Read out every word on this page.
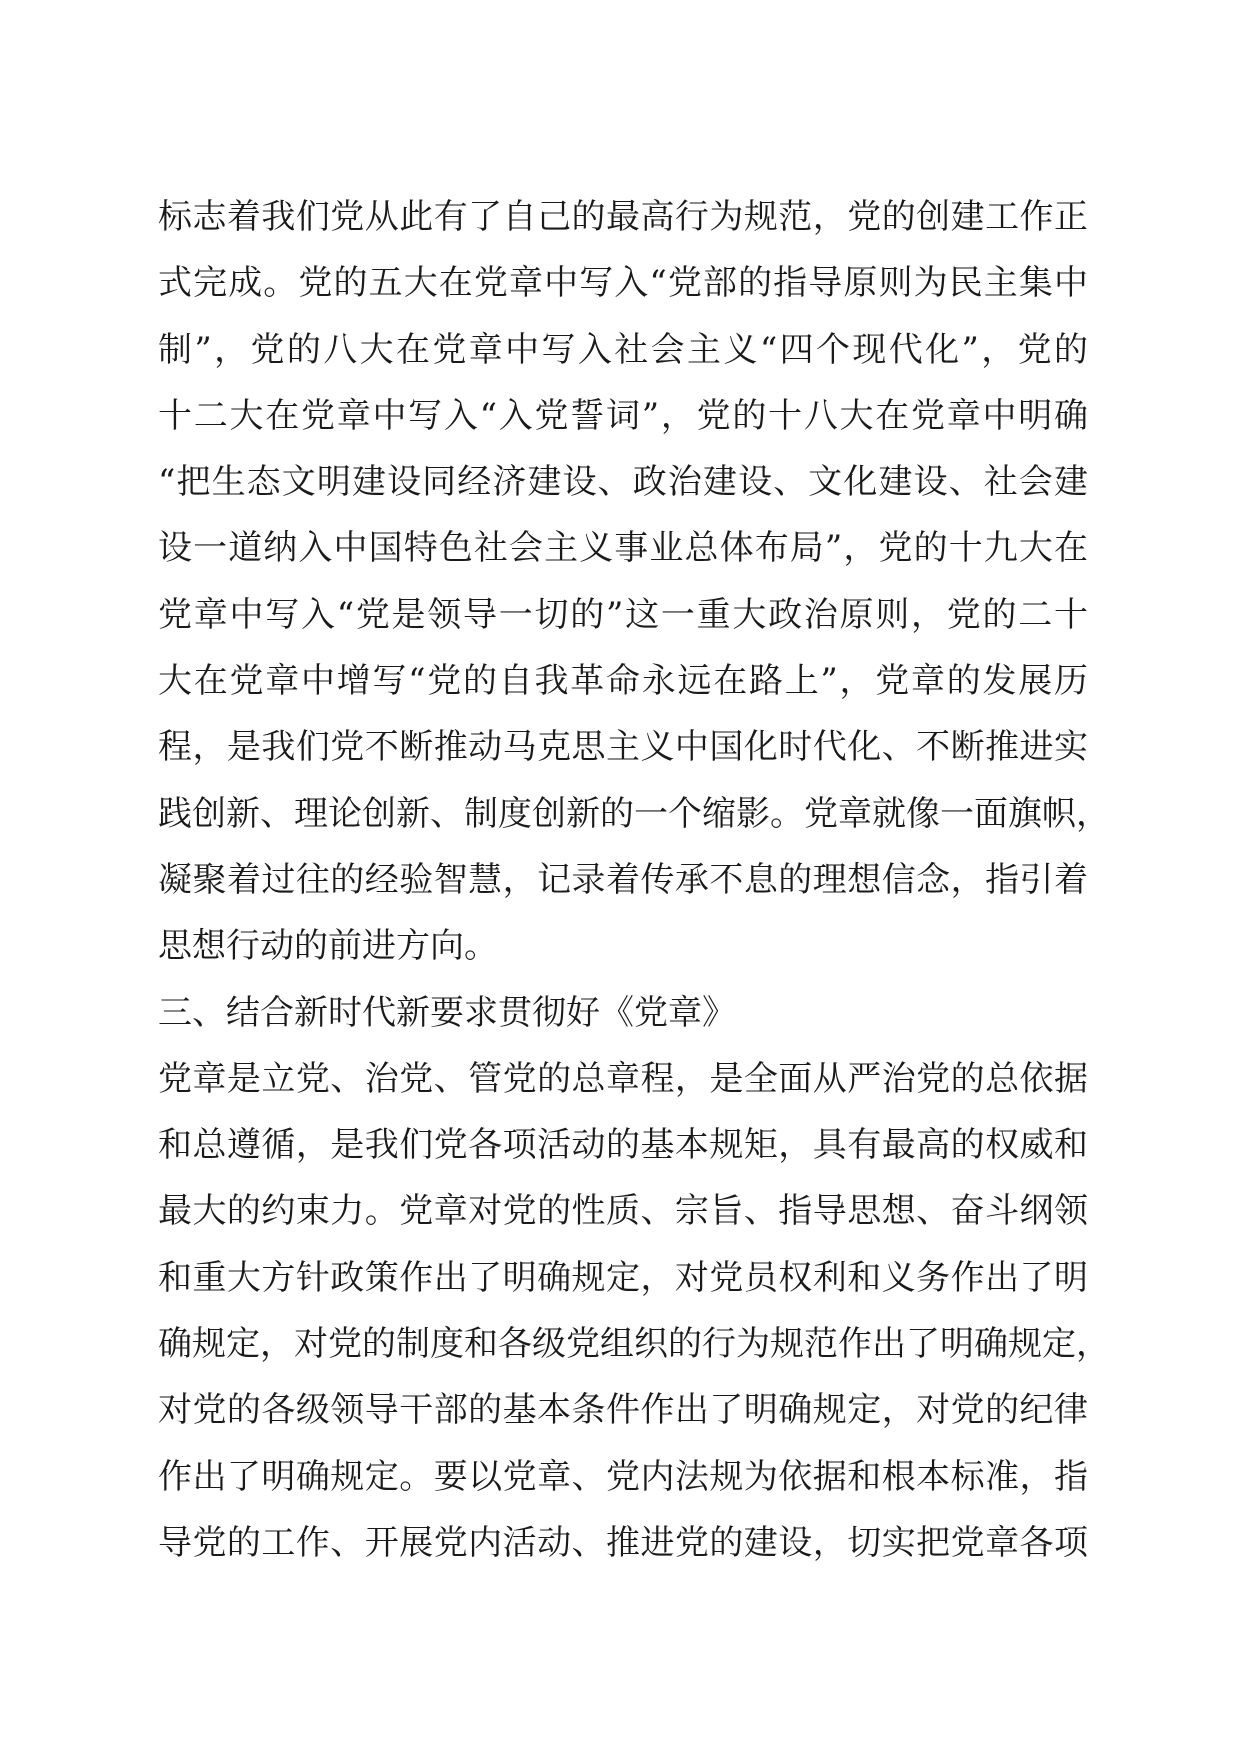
标志着我们党从此有了自己的最高行为规范，党的创建工作正
式完成。党的五大在党章中写入“党部的指导原则为民主集中
制”，党的八大在党章中写入社会主义“四个现代化”，党的
十二大在党章中写入“入党誓词”，党的十八大在党章中明确
“把生态文明建设同经济建设、政治建设、文化建设、社会建
设一道纳入中国特色社会主义事业总体布局”，党的十九大在
党章中写入“党是领导一切的”这一重大政治原则，党的二十
大在党章中增写“党的自我革命永远在路上”，党章的发展历
程，是我们党不断推动马克思主义中国化时代化、不断推进实
践创新、理论创新、制度创新的一个缩影。党章就像一面旗帜，
凝聚着过往的经验智慧，记录着传承不息的理想信念，指引着
思想行动的前进方向。
三、结合新时代新要求贯彻好《党章》
党章是立党、治党、管党的总章程，是全面从严治党的总依据
和总遵循，是我们党各项活动的基本规矩，具有最高的权威和
最大的约束力。党章对党的性质、宗旨、指导思想、奋斗纲领
和重大方针政策作出了明确规定，对党员权利和义务作出了明
确规定，对党的制度和各级党组织的行为规范作出了明确规定，
对党的各级领导干部的基本条件作出了明确规定，对党的纪律
作出了明确规定。要以党章、党内法规为依据和根本标准，指
导党的工作、开展党内活动、推进党的建设，切实把党章各项
